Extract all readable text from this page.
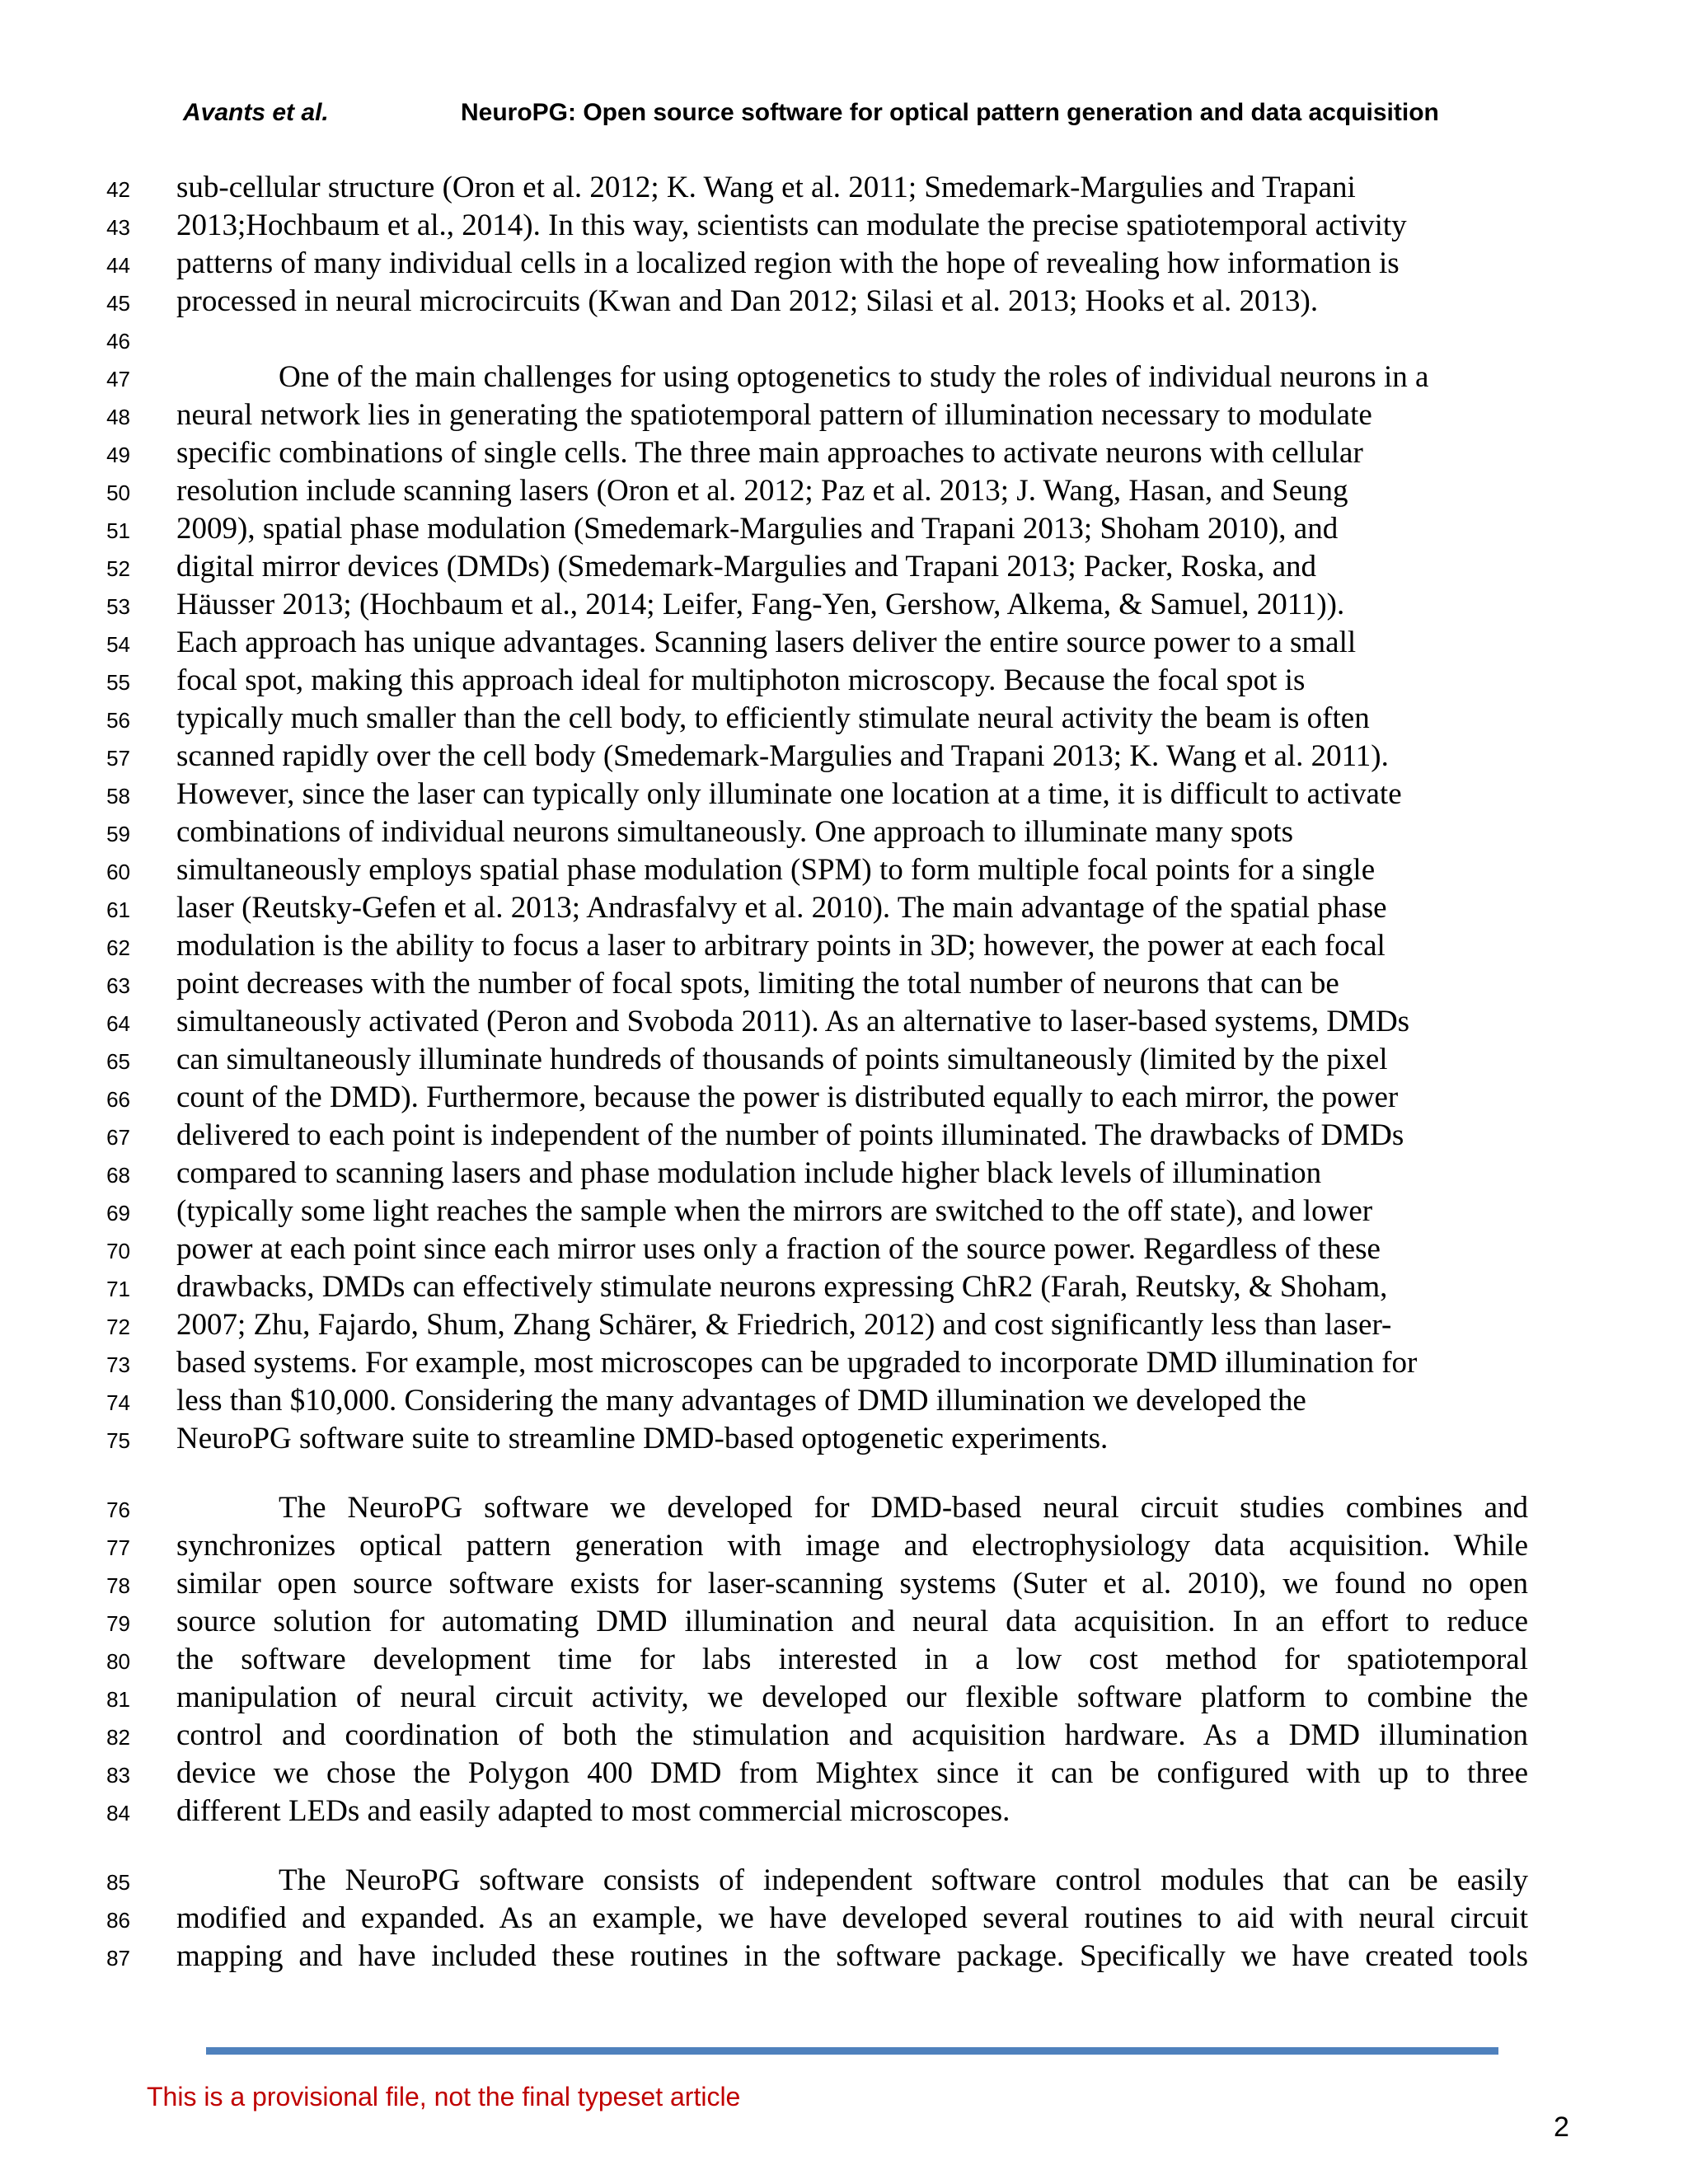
Avants et al.	NeuroPG: Open source software for optical pattern generation and data acquisition
42 sub-cellular structure (Oron et al. 2012; K. Wang et al. 2011; Smedemark-Margulies and Trapani
43 2013;Hochbaum et al., 2014). In this way, scientists can modulate the precise spatiotemporal activity
44 patterns of many individual cells in a localized region with the hope of revealing how information is
45 processed in neural microcircuits (Kwan and Dan 2012; Silasi et al. 2013; Hooks et al. 2013).
46
47	One of the main challenges for using optogenetics to study the roles of individual neurons in a
48 neural network lies in generating the spatiotemporal pattern of illumination necessary to modulate
49 specific combinations of single cells. The three main approaches to activate neurons with cellular
50 resolution include scanning lasers (Oron et al. 2012; Paz et al. 2013; J. Wang, Hasan, and Seung
51 2009), spatial phase modulation (Smedemark-Margulies and Trapani 2013; Shoham 2010), and
52 digital mirror devices (DMDs) (Smedemark-Margulies and Trapani 2013; Packer, Roska, and
53 Häusser 2013; (Hochbaum et al., 2014; Leifer, Fang-Yen, Gershow, Alkema, & Samuel, 2011)).
54 Each approach has unique advantages. Scanning lasers deliver the entire source power to a small
55 focal spot, making this approach ideal for multiphoton microscopy. Because the focal spot is
56 typically much smaller than the cell body, to efficiently stimulate neural activity the beam is often
57 scanned rapidly over the cell body (Smedemark-Margulies and Trapani 2013; K. Wang et al. 2011).
58 However, since the laser can typically only illuminate one location at a time, it is difficult to activate
59 combinations of individual neurons simultaneously. One approach to illuminate many spots
60 simultaneously employs spatial phase modulation (SPM) to form multiple focal points for a single
61 laser (Reutsky-Gefen et al. 2013; Andrasfalvy et al. 2010). The main advantage of the spatial phase
62 modulation is the ability to focus a laser to arbitrary points in 3D; however, the power at each focal
63 point decreases with the number of focal spots, limiting the total number of neurons that can be
64 simultaneously activated (Peron and Svoboda 2011). As an alternative to laser-based systems, DMDs
65 can simultaneously illuminate hundreds of thousands of points simultaneously (limited by the pixel
66 count of the DMD). Furthermore, because the power is distributed equally to each mirror, the power
67 delivered to each point is independent of the number of points illuminated. The drawbacks of DMDs
68 compared to scanning lasers and phase modulation include higher black levels of illumination
69 (typically some light reaches the sample when the mirrors are switched to the off state), and lower
70 power at each point since each mirror uses only a fraction of the source power. Regardless of these
71 drawbacks, DMDs can effectively stimulate neurons expressing ChR2 (Farah, Reutsky, & Shoham,
72 2007; Zhu, Fajardo, Shum, Zhang Schärer, & Friedrich, 2012) and cost significantly less than laser-
73 based systems. For example, most microscopes can be upgraded to incorporate DMD illumination for
74 less than $10,000. Considering the many advantages of DMD illumination we developed the
75 NeuroPG software suite to streamline DMD-based optogenetic experiments.
76	The NeuroPG software we developed for DMD-based neural circuit studies combines and
77 synchronizes optical pattern generation with image and electrophysiology data acquisition. While
78 similar open source software exists for laser-scanning systems (Suter et al. 2010), we found no open
79 source solution for automating DMD illumination and neural data acquisition. In an effort to reduce
80 the software development time for labs interested in a low cost method for spatiotemporal
81 manipulation of neural circuit activity, we developed our flexible software platform to combine the
82 control and coordination of both the stimulation and acquisition hardware. As a DMD illumination
83 device we chose the Polygon 400 DMD from Mightex since it can be configured with up to three
84 different LEDs and easily adapted to most commercial microscopes.
85	The NeuroPG software consists of independent software control modules that can be easily
86 modified and expanded. As an example, we have developed several routines to aid with neural circuit
87 mapping and have included these routines in the software package. Specifically we have created tools
This is a provisional file, not the final typeset article
2
